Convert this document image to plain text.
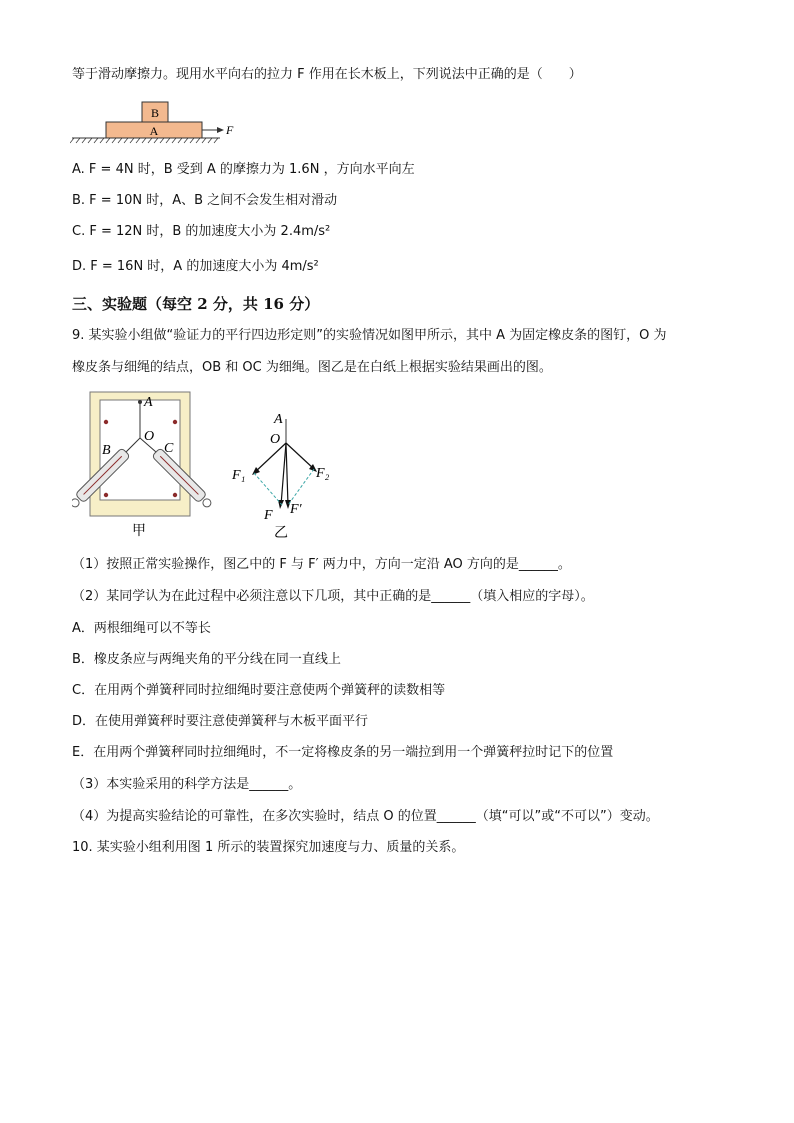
等于滑动摩擦力。现用水平向右的拉力 F 作用在长木板上，下列说法中正确的是（　　）
B
A	F
A. F = 4N 时，B 受到 A 的摩擦力为 1.6N ，方向水平向左
B. F = 10N 时，A、B 之间不会发生相对滑动
C. F = 12N 时，B 的加速度大小为 2.4m/s²
D. F = 16N 时，A 的加速度大小为 4m/s²
三、实验题（每空 2 分，共 16 分）
9. 某实验小组做“验证力的平行四边形定则”的实验情况如图甲所示，其中 A 为固定橡皮条的图钉，O 为
橡皮条与细绳的结点，OB 和 OC 为细绳。图乙是在白纸上根据实验结果画出的图。
A
O
B	C
甲
A
O
F₁	F₂
F F′
乙
（1）按照正常实验操作，图乙中的 F 与 F′ 两力中，方向一定沿 AO 方向的是______。
（2）某同学认为在此过程中必须注意以下几项，其中正确的是______（填入相应的字母）。
A．两根细绳可以不等长
B．橡皮条应与两绳夹角的平分线在同一直线上
C．在用两个弹簧秤同时拉细绳时要注意使两个弹簧秤的读数相等
D．在使用弹簧秤时要注意使弹簧秤与木板平面平行
E．在用两个弹簧秤同时拉细绳时，不一定将橡皮条的另一端拉到用一个弹簧秤拉时记下的位置
（3）本实验采用的科学方法是______。
（4）为提高实验结论的可靠性，在多次实验时，结点 O 的位置______（填“可以”或“不可以”）变动。
10. 某实验小组利用图 1 所示的装置探究加速度与力、质量的关系。
